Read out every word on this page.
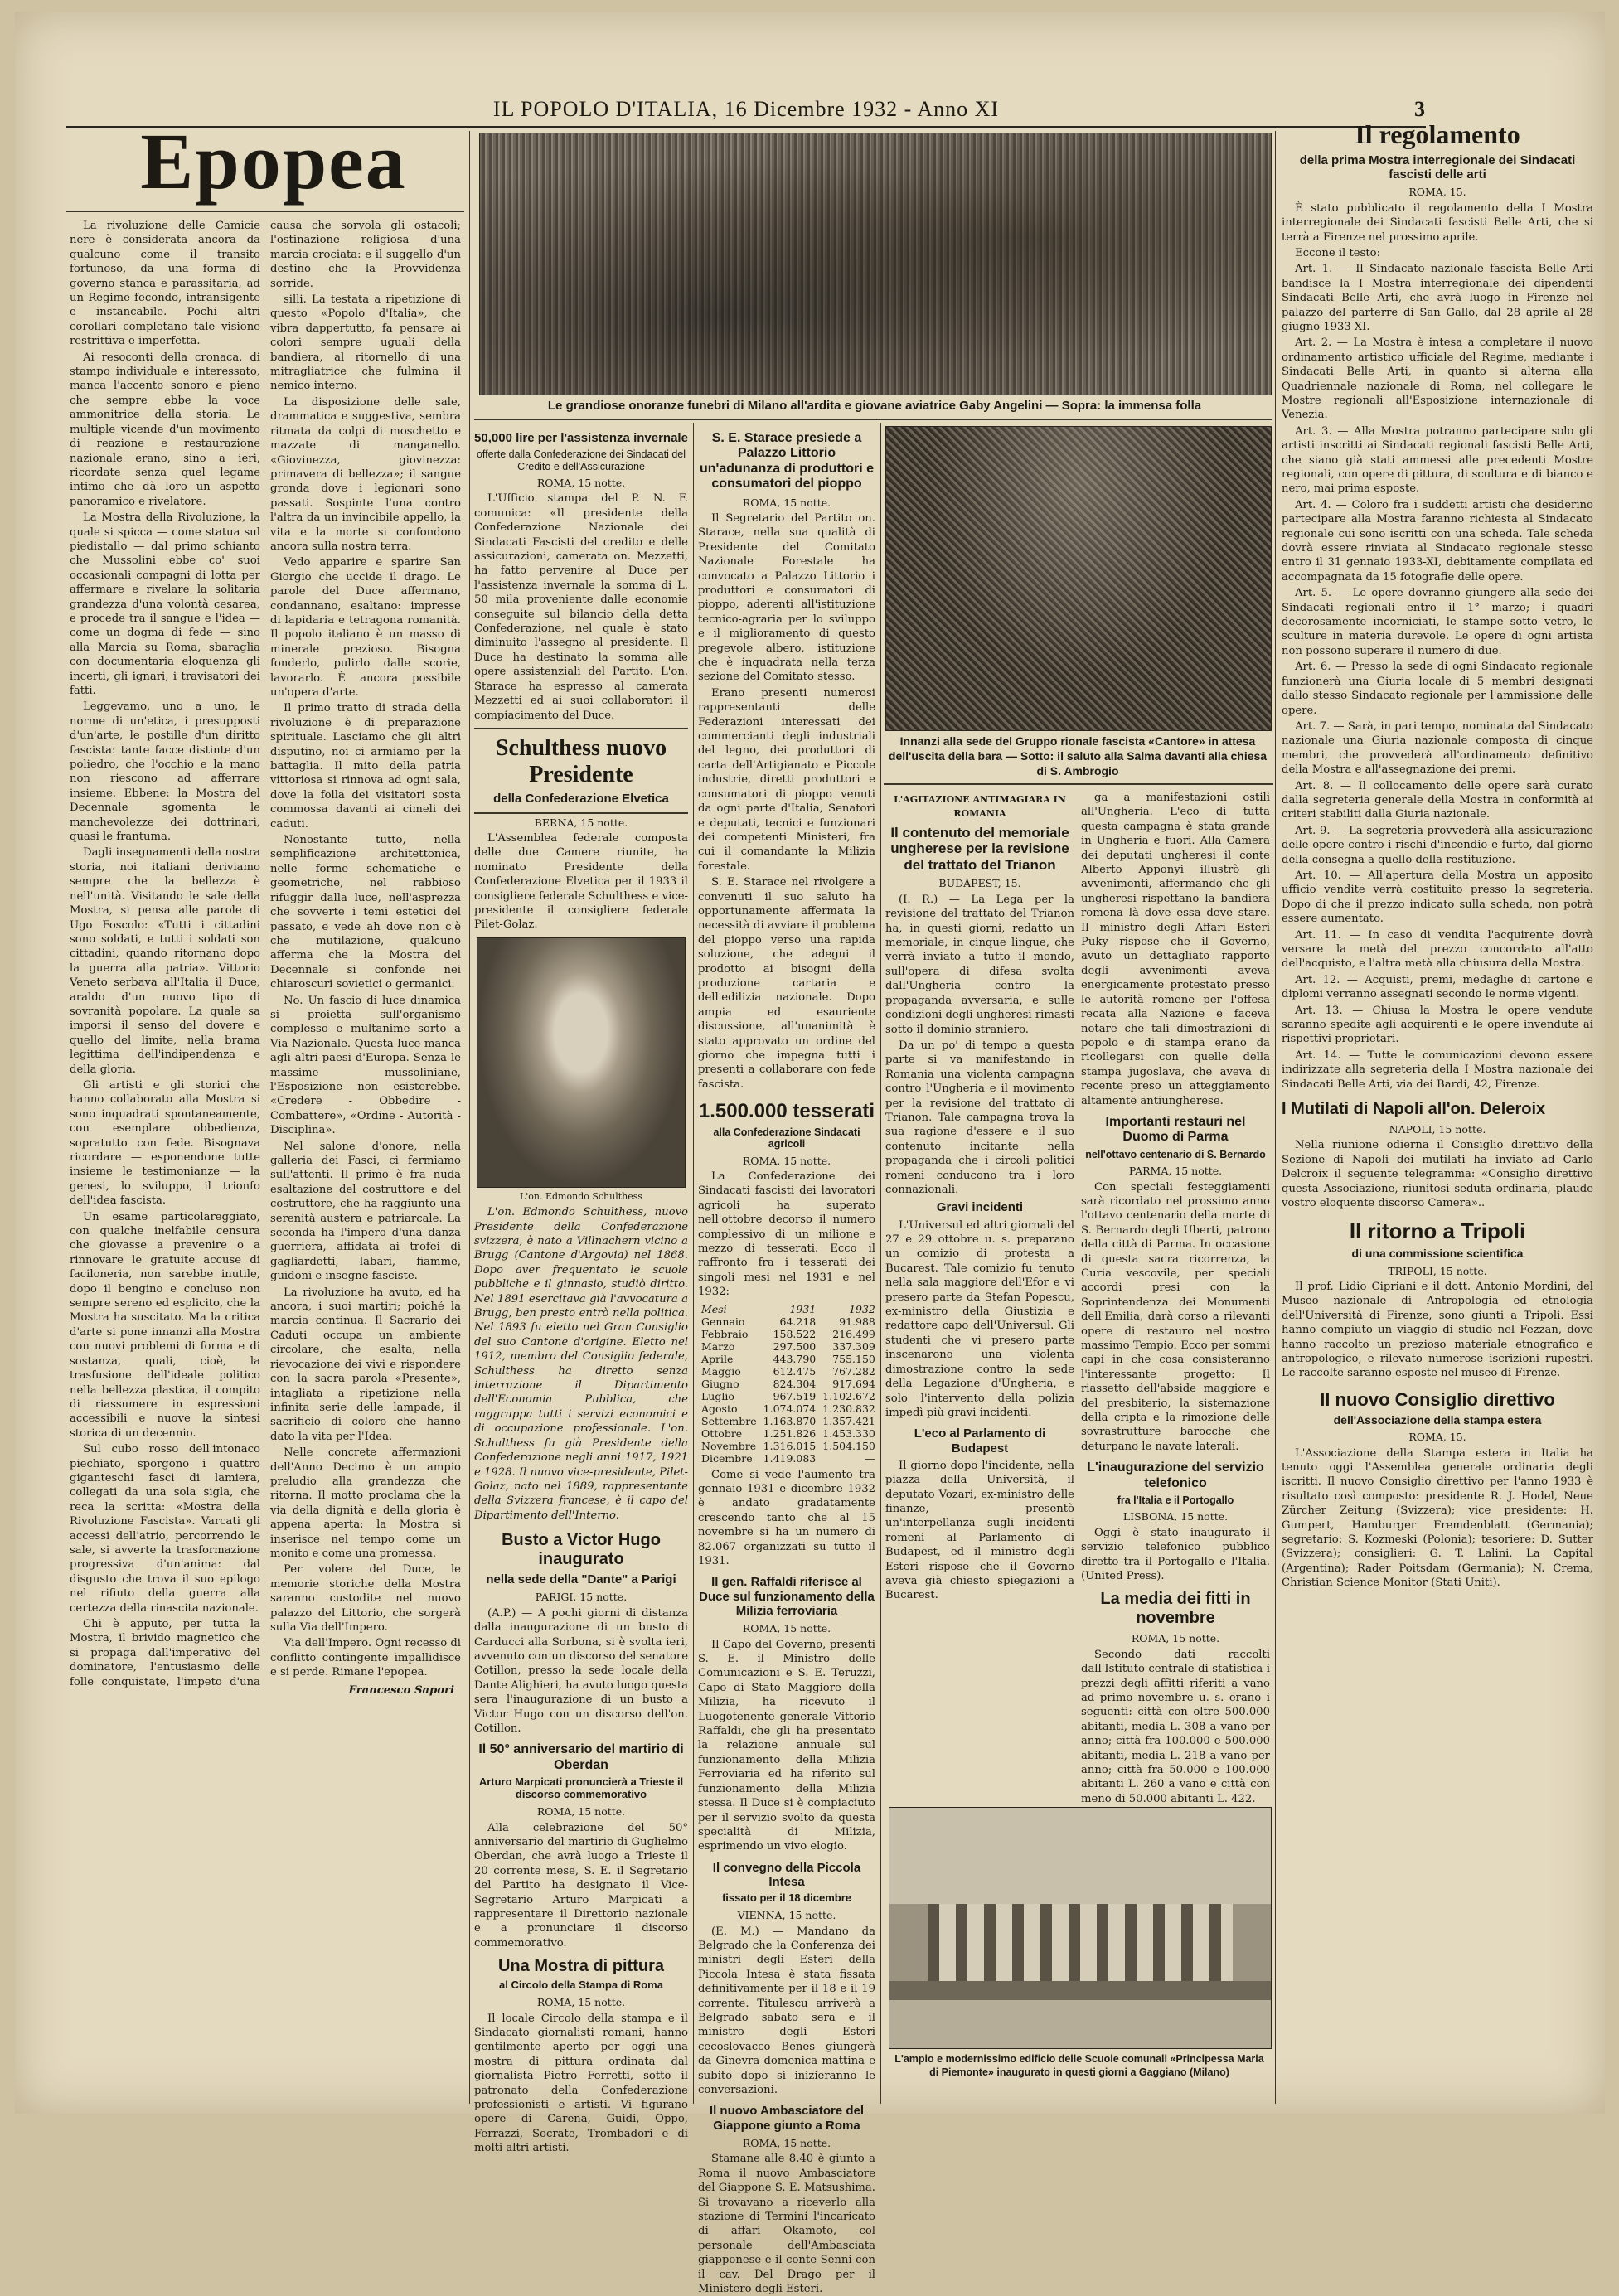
IL POPOLO D'ITALIA, 16 Dicembre 1932 - Anno XI	3
Epopea

La rivoluzione delle Camicie nere è considerata ancora da qualcuno come il transito fortunoso, da una forma di governo stanca e parassitaria, ad un Regime fecondo, intransigente e instancabile. Pochi altri corollari completano tale visione restrittiva e imperfetta.

Ai resoconti della cronaca, di stampo individuale e interessato, manca l'accento sonoro e pieno che sempre ebbe la voce ammonitrice della storia. Le multiple vicende d'un movimento di reazione e restaurazione nazionale erano, sino a ieri, ricordate senza quel legame intimo che dà loro un aspetto panoramico e rivelatore.

La Mostra della Rivoluzione, la quale si spicca — come statua sul piedistallo — dal primo schianto che Mussolini ebbe co' suoi occasionali compagni di lotta per affermare e rivelare la solitaria grandezza d'una volontà cesarea, e procede tra il sangue e l'idea — come un dogma di fede — sino alla Marcia su Roma, sbaraglia con documentaria eloquenza gli incerti, gli ignari, i travisatori dei fatti.

Leggevamo, uno a uno, le norme di un'etica, i presupposti d'un'arte, le postille d'un diritto fascista: tante facce distinte d'un poliedro, che l'occhio e la mano non riescono ad afferrare insieme. Ebbene: la Mostra del Decennale sgomenta le manchevolezze dei dottrinari, quasi le frantuma.

Dagli insegnamenti della nostra storia, noi italiani deriviamo sempre che la bellezza è nell'unità. Visitando le sale della Mostra, si pensa alle parole di Ugo Foscolo: «Tutti i cittadini sono soldati, e tutti i soldati son cittadini, quando ritornano dopo la guerra alla patria». Vittorio Veneto serbava all'Italia il Duce, araldo d'un nuovo tipo di sovranità popolare. La quale sa imporsi il senso del dovere e quello del limite, nella brama legittima dell'indipendenza e della gloria.

Gli artisti e gli storici che hanno collaborato alla Mostra si sono inquadrati spontaneamente, con esemplare obbedienza, sopratutto con fede. Bisognava ricordare — esponendone tutte insieme le testimonianze — la genesi, lo sviluppo, il trionfo dell'idea fascista.

Un esame particolareggiato, con qualche inelfabile censura che giovasse a prevenire o a rinnovare le gratuite accuse di faciloneria, non sarebbe inutile, dopo il bengino e concluso non sempre sereno ed esplicito, che la Mostra ha suscitato. Ma la critica d'arte si pone innanzi alla Mostra con nuovi problemi di forma e di sostanza, quali, cioè, la trasfusione dell'ideale politico nella bellezza plastica, il compito di riassumere in espressioni accessibili e nuove la sintesi storica di un decennio.

Sul cubo rosso dell'intonaco piechiato, sporgono i quattro giganteschi fasci di lamiera, collegati da una sola sigla, che reca la scritta: «Mostra della Rivoluzione Fascista». Varcati gli accessi dell'atrio, percorrendo le sale, si avverte la trasformazione progressiva d'un'anima: dal disgusto che trova il suo epilogo nel rifiuto della guerra alla certezza della rinascita nazionale.

Chi è apputo, per tutta la Mostra, il brivido magnetico che si propaga dall'imperativo del dominatore, l'entusiasmo delle folle conquistate, l'impeto d'una causa che sorvola gli ostacoli; l'ostinazione religiosa d'una marcia crociata: e il suggello d'un destino che la Provvidenza sorride.

silli. La testata a ripetizione di questo «Popolo d'Italia», che vibra dappertutto, fa pensare ai colori sempre uguali della bandiera, al ritornello di una mitragliatrice che fulmina il nemico interno.

La disposizione delle sale, drammatica e suggestiva, sembra ritmata da colpi di moschetto e mazzate di manganello. «Giovinezza, giovinezza: primavera di bellezza»; il sangue gronda dove i legionari sono passati. Sospinte l'una contro l'altra da un invincibile appello, la vita e la morte si confondono ancora sulla nostra terra.

Vedo apparire e sparire San Giorgio che uccide il drago. Le parole del Duce affermano, condannano, esaltano: impresse di lapidaria e tetragona romanità. Il popolo italiano è un masso di minerale prezioso. Bisogna fonderlo, pulirlo dalle scorie, lavorarlo. È ancora possibile un'opera d'arte.

Il primo tratto di strada della rivoluzione è di preparazione spirituale. Lasciamo che gli altri disputino, noi ci armiamo per la battaglia. Il mito della patria vittoriosa si rinnova ad ogni sala, dove la folla dei visitatori sosta commossa davanti ai cimeli dei caduti.

Nonostante tutto, nella semplificazione architettonica, nelle forme schematiche e geometriche, nel rabbioso rifuggir dalla luce, nell'asprezza che sovverte i temi estetici del passato, e vede ah dove non c'è che mutilazione, qualcuno afferma che la Mostra del Decennale si confonde nei chiaroscuri sovietici o germanici.

No. Un fascio di luce dinamica si proietta sull'organismo complesso e multanime sorto a Via Nazionale. Questa luce manca agli altri paesi d'Europa. Senza le massime mussoliniane, l'Esposizione non esisterebbe. «Credere - Obbedire - Combattere», «Ordine - Autorità - Disciplina».

Nel salone d'onore, nella galleria dei Fasci, ci fermiamo sull'attenti. Il primo è fra nuda esaltazione del costruttore e del costruttore, che ha raggiunto una serenità austera e patriarcale. La seconda ha l'impero d'una danza guerriera, affidata ai trofei di gagliardetti, labari, fiamme, guidoni e insegne fasciste.

La rivoluzione ha avuto, ed ha ancora, i suoi martiri; poiché la marcia continua. Il Sacrario dei Caduti occupa un ambiente circolare, che esalta, nella rievocazione dei vivi e rispondere con la sacra parola «Presente», intagliata a ripetizione nella infinita serie delle lampade, il sacrificio di coloro che hanno dato la vita per l'Idea.

Nelle concrete affermazioni dell'Anno Decimo è un ampio preludio alla grandezza che ritorna. Il motto proclama che la via della dignità e della gloria è appena aperta: la Mostra si inserisce nel tempo come un monito e come una promessa.

Per volere del Duce, le memorie storiche della Mostra saranno custodite nel nuovo palazzo del Littorio, che sorgerà sulla Via dell'Impero.

Via dell'Impero. Ogni recesso di conflitto contingente impallidisce e si perde. Rimane l'epopea.

Francesco Sapori
Le grandiose onoranze funebri di Milano all'ardita e giovane aviatrice Gaby Angelini — Sopra: la immensa folla
50,000 lire per l'assistenza invernale
offerte dalla Confederazione dei Sindacati del Credito e dell'Assicurazione
ROMA, 15 notte.

L'Ufficio stampa del P. N. F. comunica: «Il presidente della Confederazione Nazionale dei Sindacati Fascisti del credito e delle assicurazioni, camerata on. Mezzetti, ha fatto pervenire al Duce per l'assistenza invernale la somma di L. 50 mila proveniente dalle economie conseguite sul bilancio della detta Confederazione, nel quale è stato diminuito l'assegno al presidente. Il Duce ha destinato la somma alle opere assistenziali del Partito. L'on. Starace ha espresso al camerata Mezzetti ed ai suoi collaboratori il compiacimento del Duce.

Schulthess nuovo Presidente
della Confederazione Elvetica
BERNA, 15 notte.

L'Assemblea federale composta delle due Camere riunite, ha nominato Presidente della Confederazione Elvetica per il 1933 il consigliere federale Schulthess e vice-presidente il consigliere federale Pilet-Golaz.

L'on. Edmondo Schulthess

L'on. Edmondo Schulthess, nuovo Presidente della Confederazione svizzera, è nato a Villnachern vicino a Brugg (Cantone d'Argovia) nel 1868. Dopo aver frequentato le scuole pubbliche e il ginnasio, studiò diritto. Nel 1891 esercitava già l'avvocatura a Brugg, ben presto entrò nella politica. Nel 1893 fu eletto nel Gran Consiglio del suo Cantone d'origine. Eletto nel 1912, membro del Consiglio federale, Schulthess ha diretto senza interruzione il Dipartimento dell'Economia Pubblica, che raggruppa tutti i servizi economici e di occupazione professionale. L'on. Schulthess fu già Presidente della Confederazione negli anni 1917, 1921 e 1928. Il nuovo vice-presidente, Pilet-Golaz, nato nel 1889, rappresentante della Svizzera francese, è il capo del Dipartimento dell'Interno.

Busto a Victor Hugo inaugurato
nella sede della "Dante" a Parigi
PARIGI, 15 notte.

(A.P.) — A pochi giorni di distanza dalla inaugurazione di un busto di Carducci alla Sorbona, si è svolta ieri, avvenuto con un discorso del senatore Cotillon, presso la sede locale della Dante Alighieri, ha avuto luogo questa sera l'inaugurazione di un busto a Victor Hugo con un discorso dell'on. Cotillon.

Il 50° anniversario del martirio di Oberdan
Arturo Marpicati pronuncierà a Trieste il discorso commemorativo
ROMA, 15 notte.

Alla celebrazione del 50° anniversario del martirio di Guglielmo Oberdan, che avrà luogo a Trieste il 20 corrente mese, S. E. il Segretario del Partito ha designato il Vice-Segretario Arturo Marpicati a rappresentare il Direttorio nazionale e a pronunciare il discorso commemorativo.

Una Mostra di pittura
al Circolo della Stampa di Roma
ROMA, 15 notte.

Il locale Circolo della stampa e il Sindacato giornalisti romani, hanno gentilmente aperto per oggi una mostra di pittura ordinata dal giornalista Pietro Ferretti, sotto il patronato della Confederazione professionisti e artisti. Vi figurano opere di Carena, Guidi, Oppo, Ferrazzi, Socrate, Trombadori e di molti altri artisti.

S. E. Starace presiede a Palazzo Littorio un'adunanza di produttori e consumatori del pioppo
ROMA, 15 notte.

Il Segretario del Partito on. Starace, nella sua qualità di Presidente del Comitato Nazionale Forestale ha convocato a Palazzo Littorio i produttori e consumatori di pioppo, aderenti all'istituzione tecnico-agraria per lo sviluppo e il miglioramento di questo pregevole albero, istituzione che è inquadrata nella terza sezione del Comitato stesso.

Erano presenti numerosi rappresentanti delle Federazioni interessati dei commercianti degli industriali del legno, dei produttori di carta dell'Artigianato e Piccole industrie, diretti produttori e consumatori di pioppo venuti da ogni parte d'Italia, Senatori e deputati, tecnici e funzionari dei competenti Ministeri, fra cui il comandante la Milizia forestale.

S. E. Starace nel rivolgere a convenuti il suo saluto ha opportunamente affermata la necessità di avviare il problema del pioppo verso una rapida soluzione, che adegui il prodotto ai bisogni della produzione cartaria e dell'edilizia nazionale. Dopo ampia ed esauriente discussione, all'unanimità è stato approvato un ordine del giorno che impegna tutti i presenti a collaborare con fede fascista.

1.500.000 tesserati
alla Confederazione Sindacati agricoli
ROMA, 15 notte.

La Confederazione dei Sindacati fascisti dei lavoratori agricoli ha superato nell'ottobre decorso il numero complessivo di un milione e mezzo di tesserati. Ecco il raffronto fra i tesserati dei singoli mesi nel 1931 e nel 1932:

Mesi	1931	1932
Gennaio	64.218	91.988
Febbraio	158.522	216.499
Marzo	297.500	337.309
Aprile	443.790	755.150
Maggio	612.475	767.282
Giugno	824.304	917.694
Luglio	967.519	1.102.672
Agosto	1.074.074	1.230.832
Settembre	1.163.870	1.357.421
Ottobre	1.251.826	1.453.330
Novembre	1.316.015	1.504.150
Dicembre	1.419.083	—

Come si vede l'aumento tra gennaio 1931 e dicembre 1932 è andato gradatamente crescendo tanto che al 15 novembre si ha un numero di 82.067 organizzati su tutto il 1931.

Il gen. Raffaldi riferisce al Duce sul funzionamento della Milizia ferroviaria
ROMA, 15 notte.

Il Capo del Governo, presenti S. E. il Ministro delle Comunicazioni e S. E. Teruzzi, Capo di Stato Maggiore della Milizia, ha ricevuto il Luogotenente generale Vittorio Raffaldi, che gli ha presentato la relazione annuale sul funzionamento della Milizia Ferroviaria ed ha riferito sul funzionamento della Milizia stessa. Il Duce si è compiaciuto per il servizio svolto da questa specialità di Milizia, esprimendo un vivo elogio.

Il convegno della Piccola Intesa
fissato per il 18 dicembre
VIENNA, 15 notte.

(E. M.) — Mandano da Belgrado che la Conferenza dei ministri degli Esteri della Piccola Intesa è stata fissata definitivamente per il 18 e il 19 corrente. Titulescu arriverà a Belgrado sabato sera e il ministro degli Esteri cecoslovacco Benes giungerà da Ginevra domenica mattina e subito dopo si inizieranno le conversazioni.

Il nuovo Ambasciatore del Giappone giunto a Roma
ROMA, 15 notte.

Stamane alle 8.40 è giunto a Roma il nuovo Ambasciatore del Giappone S. E. Matsushima. Si trovavano a riceverlo alla stazione di Termini l'incaricato di affari Okamoto, col personale dell'Ambasciata giapponese e il conte Senni con il cav. Del Drago per il Ministero degli Esteri.

Innanzi alla sede del Gruppo rionale fascista «Cantore» in attesa dell'uscita della bara — Sotto: il saluto alla Salma davanti alla chiesa di S. Ambrogio
L'AGITAZIONE ANTIMAGIARA IN ROMANIA
Il contenuto del memoriale ungherese per la revisione del trattato del Trianon
BUDAPEST, 15.

(I. R.) — La Lega per la revisione del trattato del Trianon ha, in questi giorni, redatto un memoriale, in cinque lingue, che verrà inviato a tutto il mondo, sull'opera di difesa svolta dall'Ungheria contro la propaganda avversaria, e sulle condizioni degli ungheresi rimasti sotto il dominio straniero.

Da un po' di tempo a questa parte si va manifestando in Romania una violenta campagna contro l'Ungheria e il movimento per la revisione del trattato di Trianon. Tale campagna trova la sua ragione d'essere e il suo contenuto incitante nella propaganda che i circoli politici romeni conducono tra i loro connazionali.

Gravi incidenti

L'Universul ed altri giornali del 27 e 29 ottobre u. s. preparano un comizio di protesta a Bucarest. Tale comizio fu tenuto nella sala maggiore dell'Efor e vi presero parte da Stefan Popescu, ex-ministro della Giustizia e redattore capo dell'Universul. Gli studenti che vi presero parte inscenarono una violenta dimostrazione contro la sede della Legazione d'Ungheria, e solo l'intervento della polizia impedì più gravi incidenti.

L'eco al Parlamento di Budapest

Il giorno dopo l'incidente, nella piazza della Università, il deputato Vozari, ex-ministro delle finanze, presentò un'interpellanza sugli incidenti romeni al Parlamento di Budapest, ed il ministro degli Esteri rispose che il Governo aveva già chiesto spiegazioni a Bucarest.

ga a manifestazioni ostili all'Ungheria. L'eco di tutta questa campagna è stata grande in Ungheria e fuori. Alla Camera dei deputati ungheresi il conte Alberto Apponyi illustrò gli avvenimenti, affermando che gli ungheresi rispettano la bandiera romena là dove essa deve stare. Il ministro degli Affari Esteri Puky rispose che il Governo, avuto un dettagliato rapporto degli avvenimenti aveva energicamente protestato presso le autorità romene per l'offesa recata alla Nazione e faceva notare che tali dimostrazioni di popolo e di stampa erano da ricollegarsi con quelle della stampa jugoslava, che aveva di recente preso un atteggiamento altamente antiungherese.

Importanti restauri nel Duomo di Parma
nell'ottavo centenario di S. Bernardo
PARMA, 15 notte.

Con speciali festeggiamenti sarà ricordato nel prossimo anno l'ottavo centenario della morte di S. Bernardo degli Uberti, patrono della città di Parma. In occasione di questa sacra ricorrenza, la Curia vescovile, per speciali accordi presi con la Soprintendenza dei Monumenti dell'Emilia, darà corso a rilevanti opere di restauro nel nostro massimo Tempio. Ecco per sommi capi in che cosa consisteranno l'interessante progetto: Il riassetto dell'abside maggiore e del presbiterio, la sistemazione della cripta e la rimozione delle sovrastrutture barocche che deturpano le navate laterali.

L'inaugurazione del servizio telefonico
fra l'Italia e il Portogallo
LISBONA, 15 notte.

Oggi è stato inaugurato il servizio telefonico pubblico diretto tra il Portogallo e l'Italia. (United Press).

La media dei fitti in novembre
ROMA, 15 notte.

Secondo dati raccolti dall'Istituto centrale di statistica i prezzi degli affitti riferiti a vano ad primo novembre u. s. erano i seguenti: città con oltre 500.000 abitanti, media L. 308 a vano per anno; città fra 100.000 e 500.000 abitanti, media L. 218 a vano per anno; città fra 50.000 e 100.000 abitanti L. 260 a vano e città con meno di 50.000 abitanti L. 422.

L'ampio e modernissimo edificio delle Scuole comunali «Principessa Maria di Piemonte» inaugurato in questi giorni a Gaggiano (Milano)
Il regolamento
della prima Mostra interregionale dei Sindacati fascisti delle arti
ROMA, 15.

È stato pubblicato il regolamento della I Mostra interregionale dei Sindacati fascisti Belle Arti, che si terrà a Firenze nel prossimo aprile.

Eccone il testo:

Art. 1. — Il Sindacato nazionale fascista Belle Arti bandisce la I Mostra interregionale dei dipendenti Sindacati Belle Arti, che avrà luogo in Firenze nel palazzo del parterre di San Gallo, dal 28 aprile al 28 giugno 1933-XI.

Art. 2. — La Mostra è intesa a completare il nuovo ordinamento artistico ufficiale del Regime, mediante i Sindacati Belle Arti, in quanto si alterna alla Quadriennale nazionale di Roma, nel collegare le Mostre regionali all'Esposizione internazionale di Venezia.

Art. 3. — Alla Mostra potranno partecipare solo gli artisti inscritti ai Sindacati regionali fascisti Belle Arti, che siano già stati ammessi alle precedenti Mostre regionali, con opere di pittura, di scultura e di bianco e nero, mai prima esposte.

Art. 4. — Coloro fra i suddetti artisti che desiderino partecipare alla Mostra faranno richiesta al Sindacato regionale cui sono iscritti con una scheda. Tale scheda dovrà essere rinviata al Sindacato regionale stesso entro il 31 gennaio 1933-XI, debitamente compilata ed accompagnata da 15 fotografie delle opere.

Art. 5. — Le opere dovranno giungere alla sede dei Sindacati regionali entro il 1° marzo; i quadri decorosamente incorniciati, le stampe sotto vetro, le sculture in materia durevole. Le opere di ogni artista non possono superare il numero di due.

Art. 6. — Presso la sede di ogni Sindacato regionale funzionerà una Giuria locale di 5 membri designati dallo stesso Sindacato regionale per l'ammissione delle opere.

Art. 7. — Sarà, in pari tempo, nominata dal Sindacato nazionale una Giuria nazionale composta di cinque membri, che provvederà all'ordinamento definitivo della Mostra e all'assegnazione dei premi.

Art. 8. — Il collocamento delle opere sarà curato dalla segreteria generale della Mostra in conformità ai criteri stabiliti dalla Giuria nazionale.

Art. 9. — La segreteria provvederà alla assicurazione delle opere contro i rischi d'incendio e furto, dal giorno della consegna a quello della restituzione.

Art. 10. — All'apertura della Mostra un apposito ufficio vendite verrà costituito presso la segreteria. Dopo di che il prezzo indicato sulla scheda, non potrà essere aumentato.

Art. 11. — In caso di vendita l'acquirente dovrà versare la metà del prezzo concordato all'atto dell'acquisto, e l'altra metà alla chiusura della Mostra.

Art. 12. — Acquisti, premi, medaglie di cartone e diplomi verranno assegnati secondo le norme vigenti.

Art. 13. — Chiusa la Mostra le opere vendute saranno spedite agli acquirenti e le opere invendute ai rispettivi proprietari.

Art. 14. — Tutte le comunicazioni devono essere indirizzate alla segreteria della I Mostra nazionale dei Sindacati Belle Arti, via dei Bardi, 42, Firenze.

I Mutilati di Napoli all'on. Deleroix
NAPOLI, 15 notte.

Nella riunione odierna il Consiglio direttivo della Sezione di Napoli dei mutilati ha inviato ad Carlo Delcroix il seguente telegramma: «Consiglio direttivo questa Associazione, riunitosi seduta ordinaria, plaude vostro eloquente discorso Camera»..

Il ritorno a Tripoli
di una commissione scientifica
TRIPOLI, 15 notte.

Il prof. Lidio Cipriani e il dott. Antonio Mordini, del Museo nazionale di Antropologia ed etnologia dell'Università di Firenze, sono giunti a Tripoli. Essi hanno compiuto un viaggio di studio nel Fezzan, dove hanno raccolto un prezioso materiale etnografico e antropologico, e rilevato numerose iscrizioni rupestri. Le raccolte saranno esposte nel museo di Firenze.

Il nuovo Consiglio direttivo
dell'Associazione della stampa estera
ROMA, 15.

L'Associazione della Stampa estera in Italia ha tenuto oggi l'Assemblea generale ordinaria degli iscritti. Il nuovo Consiglio direttivo per l'anno 1933 è risultato così composto: presidente R. J. Hodel, Neue Zürcher Zeitung (Svizzera); vice presidente: H. Gumpert, Hamburger Fremdenblatt (Germania); segretario: S. Kozmeski (Polonia); tesoriere: D. Sutter (Svizzera); consiglieri: G. T. Lalini, La Capital (Argentina); Rader Poitsdam (Germania); N. Crema, Christian Science Monitor (Stati Uniti).
